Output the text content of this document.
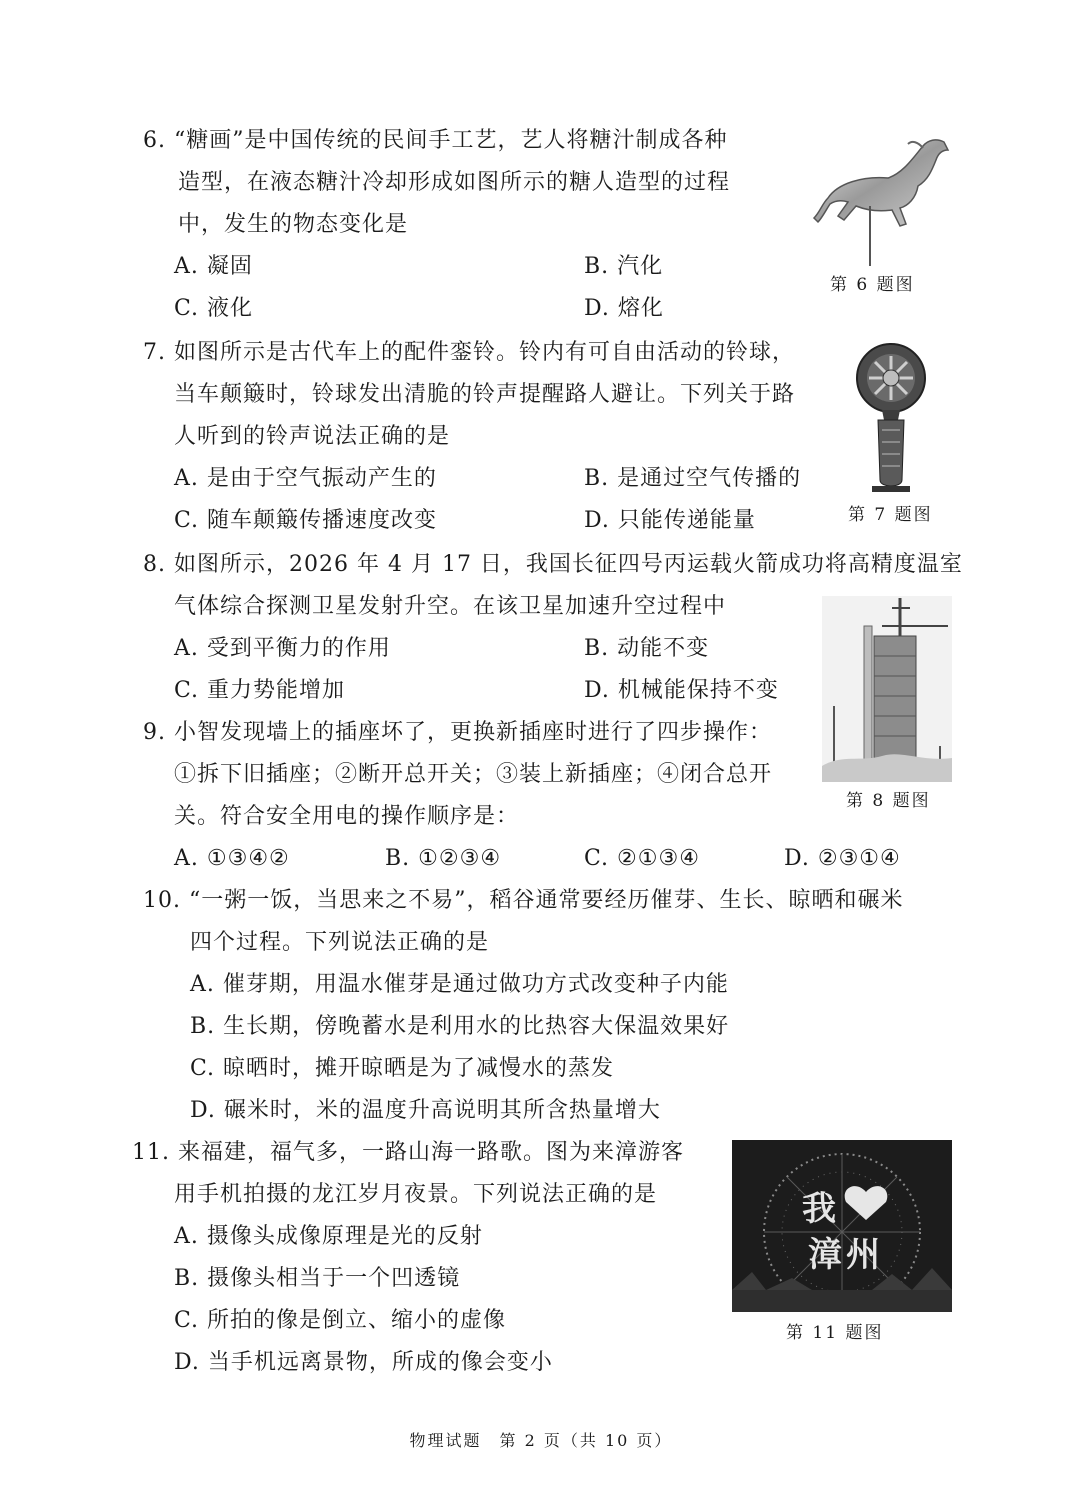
6. “糖画”是中国传统的民间手工艺，艺人将糖汁制成各种
造型，在液态糖汁冷却形成如图所示的糖人造型的过程
中，发生的物态变化是
A. 凝固	B. 汽化
C. 液化	D. 熔化
第 6 题图
7. 如图所示是古代车上的配件銮铃。铃内有可自由活动的铃球，
当车颠簸时，铃球发出清脆的铃声提醒路人避让。下列关于路
人听到的铃声说法正确的是
A. 是由于空气振动产生的	B. 是通过空气传播的
C. 随车颠簸传播速度改变	D. 只能传递能量	第 7 题图
8. 如图所示，2026 年 4 月 17 日，我国长征四号丙运载火箭成功将高精度温室
气体综合探测卫星发射升空。在该卫星加速升空过程中
A. 受到平衡力的作用	B. 动能不变
C. 重力势能增加	D. 机械能保持不变
第 8 题图
9. 小智发现墙上的插座坏了，更换新插座时进行了四步操作：
①拆下旧插座；②断开总开关；③装上新插座；④闭合总开
关。符合安全用电的操作顺序是：
A. ①③④②	B. ①②③④	C. ②①③④	D. ②③①④
10. “一粥一饭，当思来之不易”，稻谷通常要经历催芽、生长、晾晒和碾米
四个过程。下列说法正确的是
A. 催芽期，用温水催芽是通过做功方式改变种子内能
B. 生长期，傍晚蓄水是利用水的比热容大保温效果好
C. 晾晒时，摊开晾晒是为了减慢水的蒸发
D. 碾米时，米的温度升高说明其所含热量增大
11. 来福建，福气多，一路山海一路歌。图为来漳游客
用手机拍摄的龙江岁月夜景。下列说法正确的是
A. 摄像头成像原理是光的反射
B. 摄像头相当于一个凹透镜
C. 所拍的像是倒立、缩小的虚像
D. 当手机远离景物，所成的像会变小
我
漳 州
第 11 题图
物理试题　第 2 页（共 10 页）
